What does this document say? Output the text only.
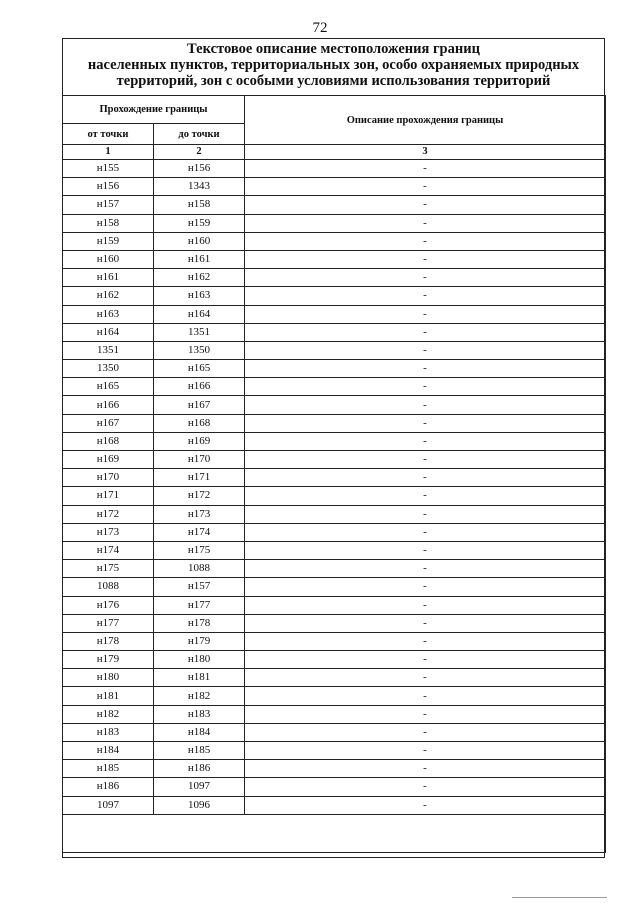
72
Текстовое описание местоположения границ
населенных пунктов, территориальных зон, особо охраняемых природных
территорий, зон с особыми условиями использования территорий
Прохождение границы		Описание прохождения границы
от точки	до точки	
1	2	3
н155	н156	-
н156	1343	-
н157	н158	-
н158	н159	-
н159	н160	-
н160	н161	-
н161	н162	-
н162	н163	-
н163	н164	-
н164	1351	-
1351	1350	-
1350	н165	-
н165	н166	-
н166	н167	-
н167	н168	-
н168	н169	-
н169	н170	-
н170	н171	-
н171	н172	-
н172	н173	-
н173	н174	-
н174	н175	-
н175	1088	-
1088	н157	-
н176	н177	-
н177	н178	-
н178	н179	-
н179	н180	-
н180	н181	-
н181	н182	-
н182	н183	-
н183	н184	-
н184	н185	-
н185	н186	-
н186	1097	-
1097	1096	-
